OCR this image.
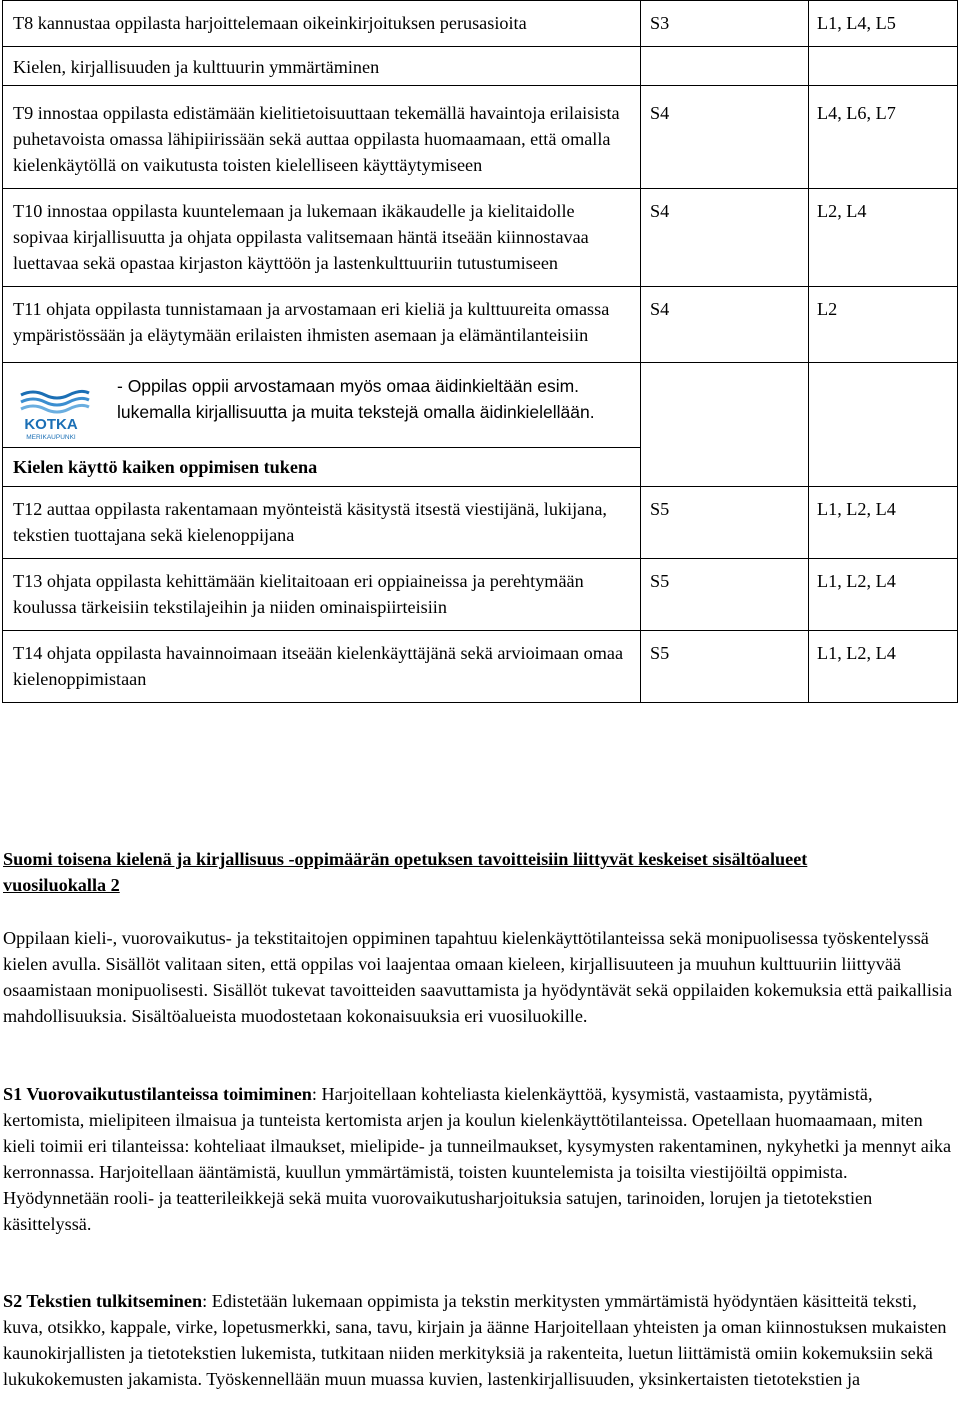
T8 kannustaa oppilasta harjoittelemaan oikeinkirjoituksen perusasioita	S3	L1, L4, L5
Kielen, kirjallisuuden ja kulttuurin ymmärtäminen		
T9 innostaa oppilasta edistämään kielitietoisuuttaan tekemällä havaintoja erilaisista puhetavoista omassa lähipiirissään sekä auttaa oppilasta huomaamaan, että omalla kielenkäytöllä on vaikutusta toisten kielelliseen käyttäytymiseen	S4	L4, L6, L7
T10 innostaa oppilasta kuuntelemaan ja lukemaan ikäkaudelle ja kielitaidolle sopivaa kirjallisuutta ja ohjata oppilasta valitsemaan häntä itseään kiinnostavaa luettavaa sekä opastaa kirjaston käyttöön ja lastenkulttuuriin tutustumiseen	S4	L2, L4
T11 ohjata oppilasta tunnistamaan ja arvostamaan eri kieliä ja kulttuureita omassa ympäristössään ja eläytymään erilaisten ihmisten asemaan ja elämäntilanteisiin	S4	L2

KOTKA
MERIKAUPUNKI
- Oppilas oppii arvostamaan myös omaa äidinkieltään esim. lukemalla kirjallisuutta ja muita tekstejä omalla äidinkielellään.		

Kielen käyttö kaiken oppimisen tukena		
T12 auttaa oppilasta rakentamaan myönteistä käsitystä itsestä viestijänä, lukijana, tekstien tuottajana sekä kielenoppijana	S5	L1, L2, L4
T13 ohjata oppilasta kehittämään kielitaitoaan eri oppiaineissa ja perehtymään koulussa tärkeisiin tekstilajeihin ja niiden ominaispiirteisiin	S5	L1, L2, L4
T14 ohjata oppilasta havainnoimaan itseään kielenkäyttäjänä sekä arvioimaan omaa kielenoppimistaan	S5	L1, L2, L4
Suomi toisena kielenä ja kirjallisuus -oppimäärän opetuksen tavoitteisiin liittyvät keskeiset sisältöalueet vuosiluokalla 2

Oppilaan kieli-, vuorovaikutus- ja tekstitaitojen oppiminen tapahtuu kielenkäyttötilanteissa sekä monipuolisessa työskentelyssä kielen avulla. Sisällöt valitaan siten, että oppilas voi laajentaa omaan kieleen, kirjallisuuteen ja muuhun kulttuuriin liittyvää osaamistaan monipuolisesti. Sisällöt tukevat tavoitteiden saavuttamista ja hyödyntävät sekä oppilaiden kokemuksia että paikallisia mahdollisuuksia. Sisältöalueista muodostetaan kokonaisuuksia eri vuosiluokille.

S1 Vuorovaikutustilanteissa toimiminen: Harjoitellaan kohteliasta kielenkäyttöä, kysymistä, vastaamista, pyytämistä, kertomista, mielipiteen ilmaisua ja tunteista kertomista arjen ja koulun kielenkäyttötilanteissa. Opetellaan huomaamaan, miten kieli toimii eri tilanteissa: kohteliaat ilmaukset, mielipide- ja tunneilmaukset, kysymysten rakentaminen, nykyhetki ja mennyt aika kerronnassa. Harjoitellaan ääntämistä, kuullun ymmärtämistä, toisten kuuntelemista ja toisilta viestijöiltä oppimista. Hyödynnetään rooli- ja teatterileikkejä sekä muita vuorovaikutusharjoituksia satujen, tarinoiden, lorujen ja tietotekstien käsittelyssä.

S2 Tekstien tulkitseminen: Edistetään lukemaan oppimista ja tekstin merkitysten ymmärtämistä hyödyntäen käsitteitä teksti, kuva, otsikko, kappale, virke, lopetusmerkki, sana, tavu, kirjain ja äänne Harjoitellaan yhteisten ja oman kiinnostuksen mukaisten kaunokirjallisten ja tietotekstien lukemista, tutkitaan niiden merkityksiä ja rakenteita, luetun liittämistä omiin kokemuksiin sekä lukukokemusten jakamista. Työskennellään muun muassa kuvien, lastenkirjallisuuden, yksinkertaisten tietotekstien ja
